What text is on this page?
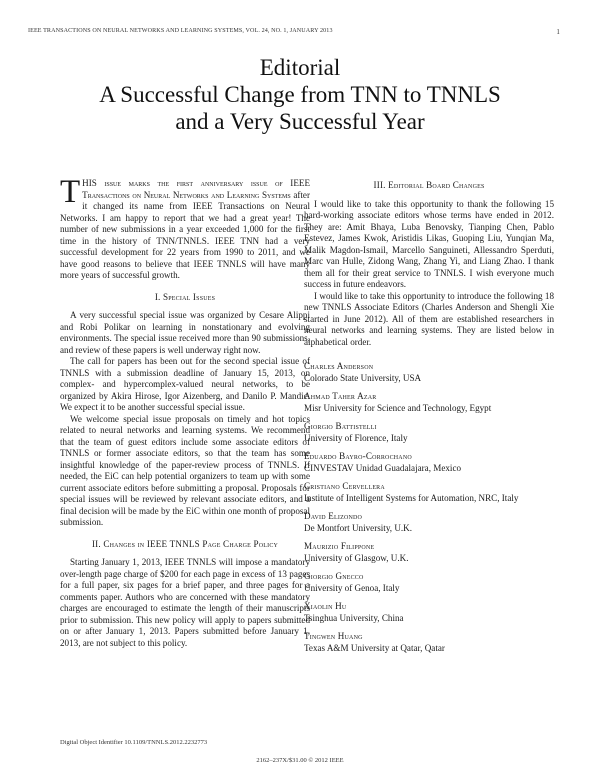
IEEE TRANSACTIONS ON NEURAL NETWORKS AND LEARNING SYSTEMS, VOL. 24, NO. 1, JANUARY 2013	1
Editorial
A Successful Change from TNN to TNNLS
and a Very Successful Year

THIS issue marks the first anniversary issue of IEEE Transactions on Neural Networks and Learning Systems after it changed its name from IEEE Transactions on Neural Networks. I am happy to report that we had a great year! The number of new submissions in a year exceeded 1,000 for the first time in the history of TNN/TNNLS. IEEE TNN had a very successful development for 22 years from 1990 to 2011, and we have good reasons to believe that IEEE TNNLS will have many more years of successful growth.

I. Special Issues

A very successful special issue was organized by Cesare Alippi and Robi Polikar on learning in nonstationary and evolving environments. The special issue received more than 90 submissions, and review of these papers is well underway right now.

The call for papers has been out for the second special issue of TNNLS with a submission deadline of January 15, 2013, on complex- and hypercomplex-valued neural networks, to be organized by Akira Hirose, Igor Aizenberg, and Danilo P. Mandic. We expect it to be another successful special issue.

We welcome special issue proposals on timely and hot topics related to neural networks and learning systems. We recommend that the team of guest editors include some associate editors of TNNLS or former associate editors, so that the team has some insightful knowledge of the paper-review process of TNNLS. If needed, the EiC can help potential organizers to team up with some current associate editors before submitting a proposal. Proposals for special issues will be reviewed by relevant associate editors, and a final decision will be made by the EiC within one month of proposal submission.

II. Changes in IEEE TNNLS Page Charge Policy

Starting January 1, 2013, IEEE TNNLS will impose a mandatory over-length page charge of $200 for each page in excess of 13 pages for a full paper, six pages for a brief paper, and three pages for a comments paper. Authors who are concerned with these mandatory charges are encouraged to estimate the length of their manuscripts prior to submission. This new policy will apply to papers submitted on or after January 1, 2013. Papers submitted before January 1, 2013, are not subject to this policy.

III. Editorial Board Changes

I would like to take this opportunity to thank the following 15 hard-working associate editors whose terms have ended in 2012. They are: Amit Bhaya, Luba Benovsky, Tianping Chen, Pablo Estevez, James Kwok, Aristidis Likas, Guoping Liu, Yunqian Ma, Malik Magdon-Ismail, Marcello Sanguineti, Allessandro Sperduti, Marc van Hulle, Zidong Wang, Zhang Yi, and Liang Zhao. I thank them all for their great service to TNNLS. I wish everyone much success in future endeavors.

I would like to take this opportunity to introduce the following 18 new TNNLS Associate Editors (Charles Anderson and Shengli Xie started in June 2012). All of them are established researchers in neural networks and learning systems. They are listed below in alphabetical order.

Charles Anderson
Colorado State University, USA
Ahmad Taher Azar
Misr University for Science and Technology, Egypt
Giorgio Battistelli
University of Florence, Italy
Eduardo Bayro-Corrochano
CINVESTAV Unidad Guadalajara, Mexico
Cristiano Cervellera
Institute of Intelligent Systems for Automation, NRC, Italy
David Elizondo
De Montfort University, U.K.
Maurizio Filippone
University of Glasgow, U.K.
Giorgio Gnecco
University of Genoa, Italy
Xiaolin Hu
Tsinghua University, China
Tingwen Huang
Texas A&M University at Qatar, Qatar
Digital Object Identifier 10.1109/TNNLS.2012.2232773
2162–237X/$31.00 © 2012 IEEE
